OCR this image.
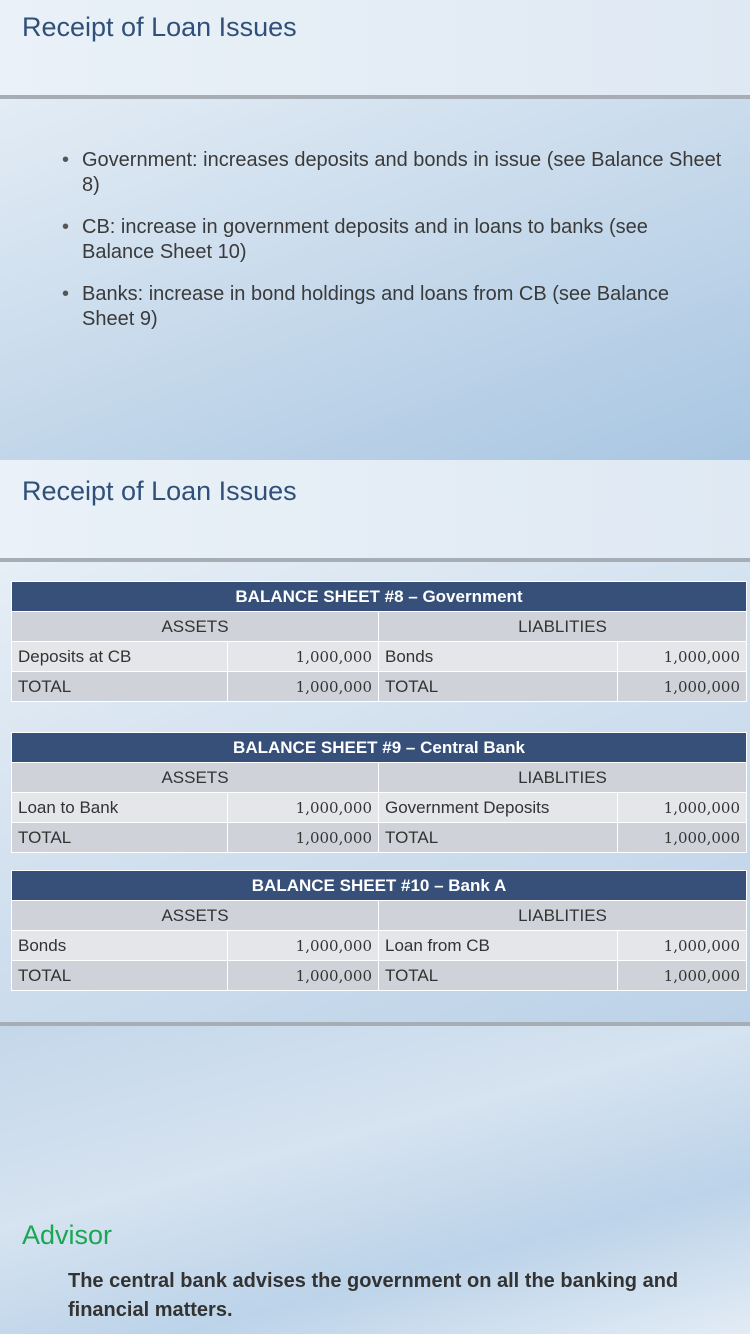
Receipt of Loan Issues
• Government: increases deposits and bonds in issue (see Balance Sheet 8)
• CB: increase in government deposits and in loans to banks (see Balance Sheet 10)
• Banks: increase in bond holdings and loans from CB (see Balance Sheet 9)
Receipt of Loan Issues
BALANCE SHEET #8 – Government			
ASSETS		LIABLITIES	
Deposits at CB	1,000,000	Bonds	1,000,000
TOTAL	1,000,000	TOTAL	1,000,000
BALANCE SHEET #9 – Central Bank			
ASSETS		LIABLITIES	
Loan to Bank	1,000,000	Government Deposits	1,000,000
TOTAL	1,000,000	TOTAL	1,000,000
BALANCE SHEET #10 – Bank A			
ASSETS		LIABLITIES	
Bonds	1,000,000	Loan from CB	1,000,000
TOTAL	1,000,000	TOTAL	1,000,000
Advisor
The central bank advises the government on all the banking and financial matters.
